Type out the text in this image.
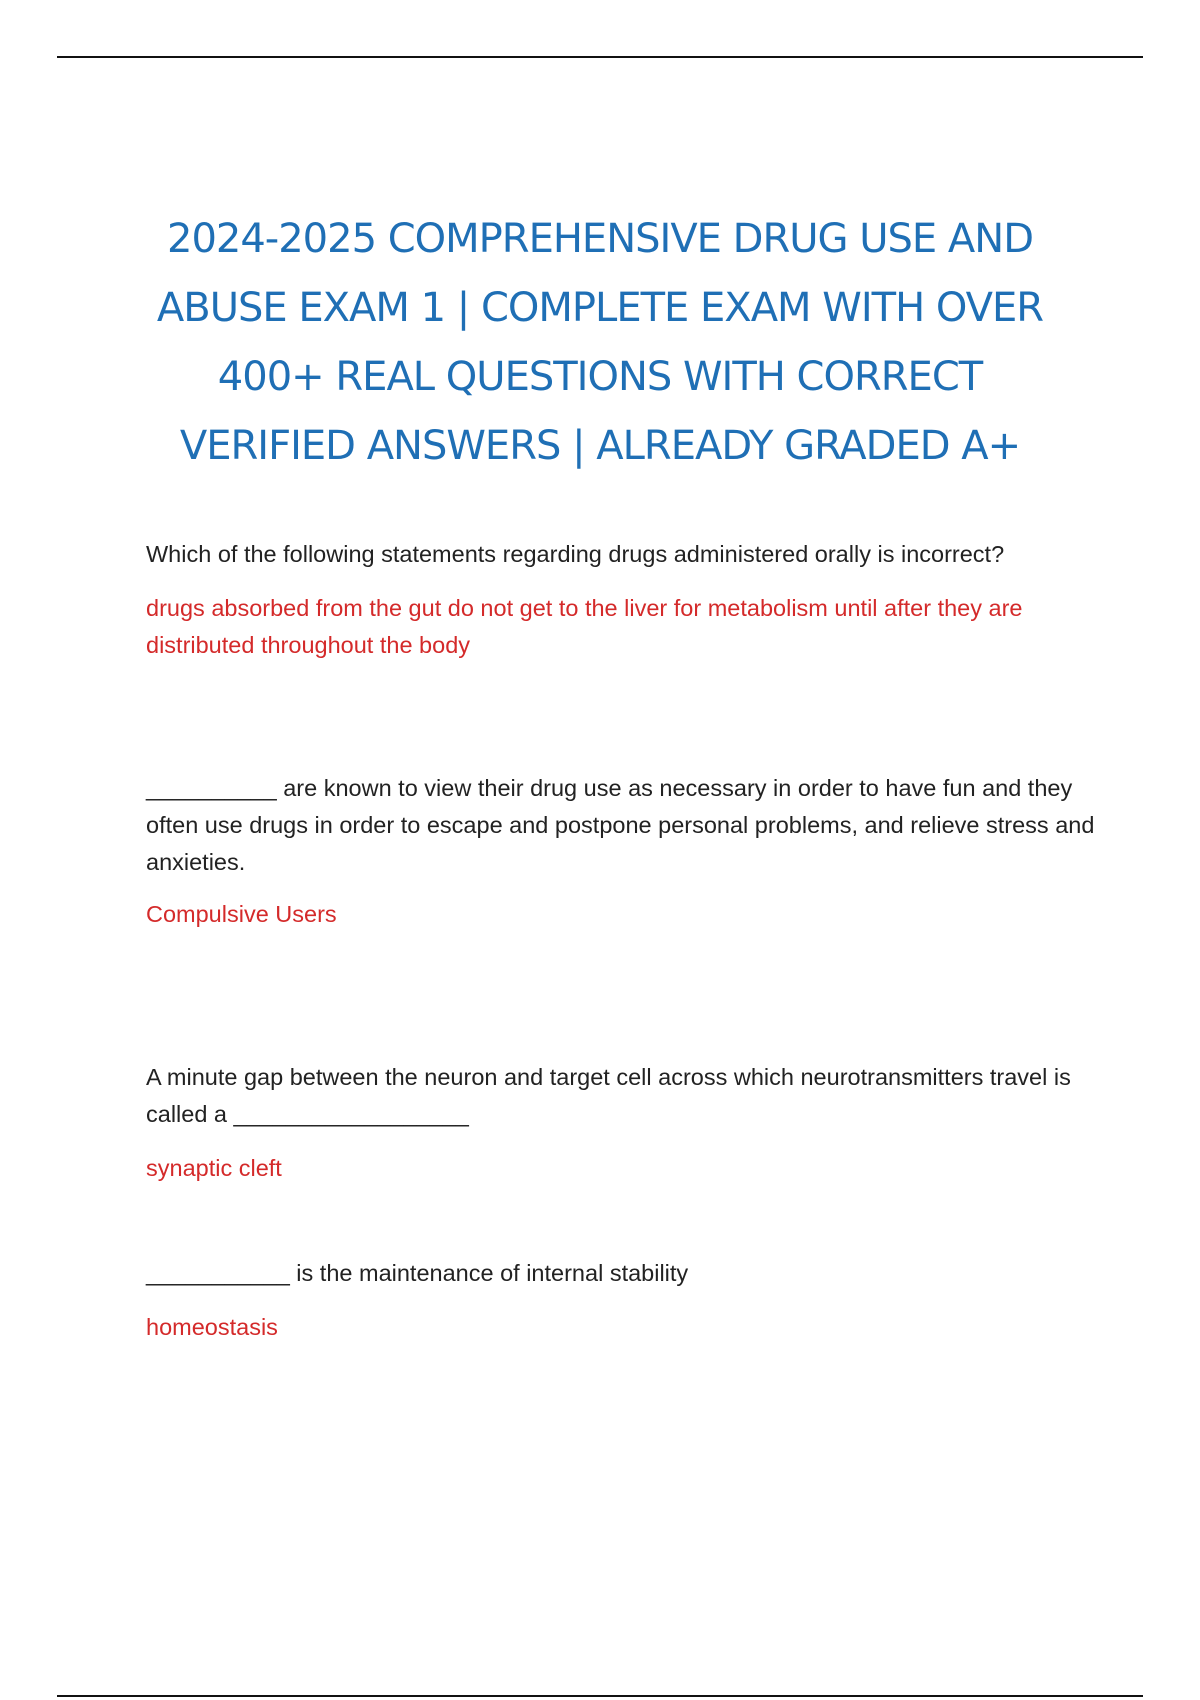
2024-2025 COMPREHENSIVE DRUG USE AND ABUSE EXAM 1 | COMPLETE EXAM WITH OVER 400+ REAL QUESTIONS WITH CORRECT VERIFIED ANSWERS | ALREADY GRADED A+

Which of the following statements regarding drugs administered orally is incorrect?

drugs absorbed from the gut do not get to the liver for metabolism until after they are distributed throughout the body

__________ are known to view their drug use as necessary in order to have fun and they often use drugs in order to escape and postpone personal problems, and relieve stress and anxieties.

Compulsive Users

A minute gap between the neuron and target cell across which neurotransmitters travel is called a __________________

synaptic cleft

___________ is the maintenance of internal stability

homeostasis
